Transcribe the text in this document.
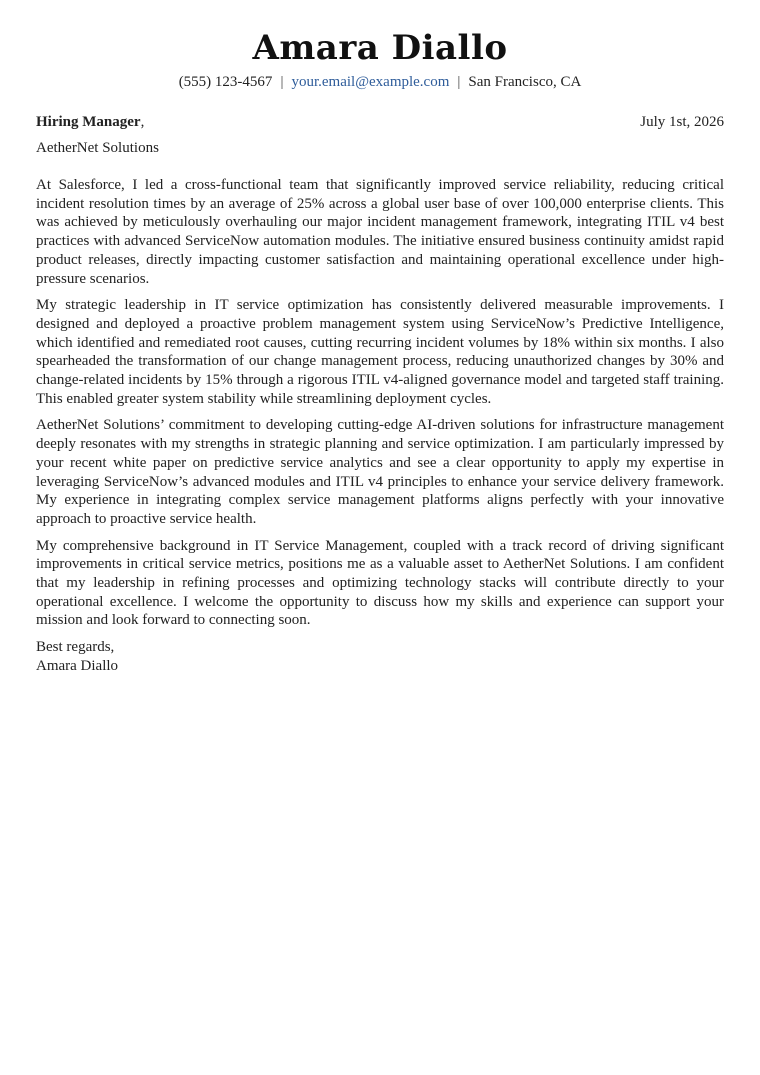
Amara Diallo
(555) 123-4567 | your.email@example.com | San Francisco, CA
Hiring Manager,	July 1st, 2026
AetherNet Solutions

At Salesforce, I led a cross-functional team that significantly improved service reliability, reducing critical incident resolution times by an average of 25% across a global user base of over 100,000 enterprise clients. This was achieved by meticulously overhauling our major incident management framework, integrating ITIL v4 best practices with advanced ServiceNow automation modules. The initiative ensured business continuity amidst rapid product releases, directly impacting customer satisfaction and maintaining operational excellence under high-pressure scenarios.

My strategic leadership in IT service optimization has consistently delivered measurable improvements. I designed and deployed a proactive problem management system using ServiceNow’s Predictive Intelligence, which identified and remediated root causes, cutting recurring incident volumes by 18% within six months. I also spearheaded the transformation of our change management process, reducing unauthorized changes by 30% and change-related incidents by 15% through a rigorous ITIL v4-aligned governance model and targeted staff training. This enabled greater system stability while streamlining deployment cycles.

AetherNet Solutions’ commitment to developing cutting-edge AI-driven solutions for infrastructure management deeply resonates with my strengths in strategic planning and service optimization. I am particularly impressed by your recent white paper on predictive service analytics and see a clear opportunity to apply my expertise in leveraging ServiceNow’s advanced modules and ITIL v4 principles to enhance your service delivery framework. My experience in integrating complex service management platforms aligns perfectly with your innovative approach to proactive service health.

My comprehensive background in IT Service Management, coupled with a track record of driving significant improvements in critical service metrics, positions me as a valuable asset to AetherNet Solutions. I am confident that my leadership in refining processes and optimizing technology stacks will contribute directly to your operational excellence. I welcome the opportunity to discuss how my skills and experience can support your mission and look forward to connecting soon.

Best regards,
Amara Diallo
